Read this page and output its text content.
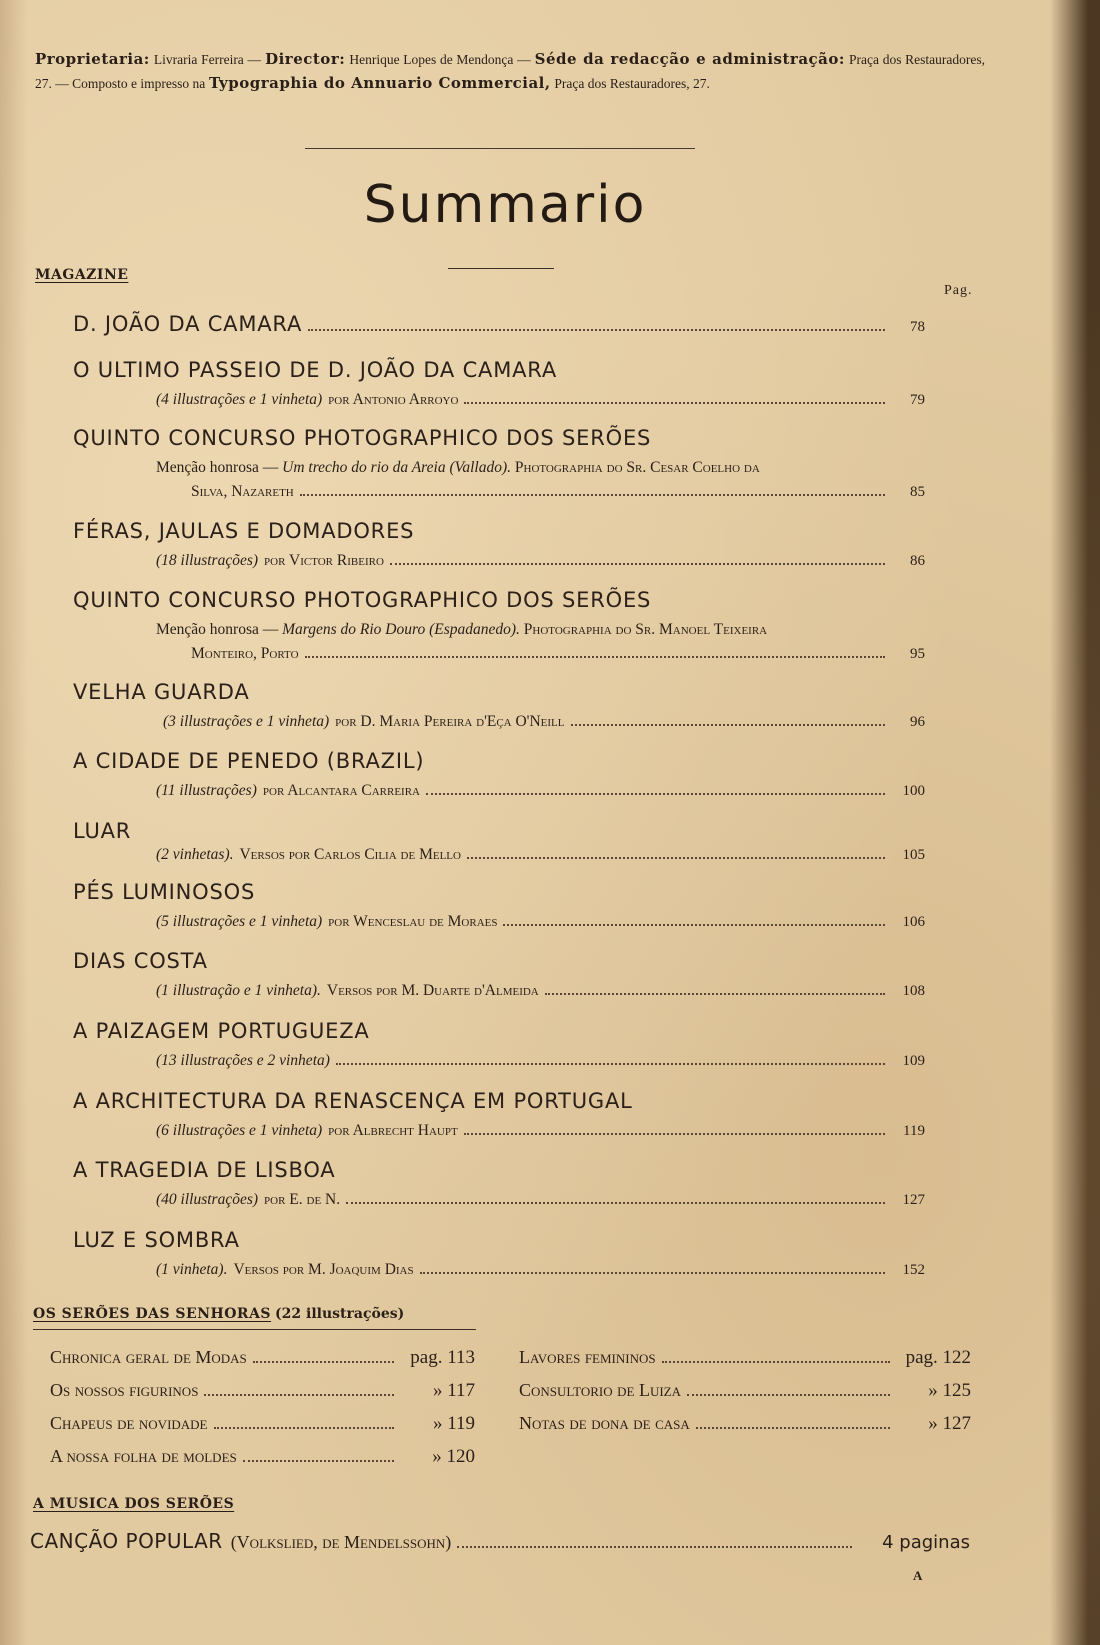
Proprietaria: Livraria Ferreira — Director: Henrique Lopes de Mendonça — Séde da redacção e administração: Praça dos Restauradores, 27. — Composto e impresso na Typographia do Annuario Commercial, Praça dos Restauradores, 27.
Summario
MAGAZINE
Pag.
D. JOÃO DA CAMARA	78
O ULTIMO PASSEIO DE D. JOÃO DA CAMARA
(4 illustrações e 1 vinheta) por Antonio Arroyo	79
QUINTO CONCURSO PHOTOGRAPHICO DOS SERÕES
Menção honrosa — Um trecho do rio da Areia (Vallado). Photographia do Sr. Cesar Coelho da
Silva, Nazareth	85
FÉRAS, JAULAS E DOMADORES
(18 illustrações) por Victor Ribeiro	86
QUINTO CONCURSO PHOTOGRAPHICO DOS SERÕES
Menção honrosa — Margens do Rio Douro (Espadanedo). Photographia do Sr. Manoel Teixeira
Monteiro, Porto	95
VELHA GUARDA
(3 illustrações e 1 vinheta) por D. Maria Pereira d'Eça O'Neill	96
A CIDADE DE PENEDO (BRAZIL)
(11 illustrações) por Alcantara Carreira	100
LUAR
(2 vinhetas). Versos por Carlos Cilia de Mello	105
PÉS LUMINOSOS
(5 illustrações e 1 vinheta) por Wenceslau de Moraes	106
DIAS COSTA
(1 illustração e 1 vinheta). Versos por M. Duarte d'Almeida	108
A PAIZAGEM PORTUGUEZA
(13 illustrações e 2 vinheta)	109
A ARCHITECTURA DA RENASCENÇA EM PORTUGAL
(6 illustrações e 1 vinheta) por Albrecht Haupt	119
A TRAGEDIA DE LISBOA
(40 illustrações) por E. de N.	127
LUZ E SOMBRA
(1 vinheta). Versos por M. Joaquim Dias	152
OS SERÕES DAS SENHORAS (22 illustrações)
Chronica geral de Modas	pag. 113
Os nossos figurinos	» 117
Chapeus de novidade	» 119
A nossa folha de moldes	» 120
Lavores femininos	pag. 122
Consultorio de Luiza	» 125
Notas de dona de casa	» 127
A MUSICA DOS SERÕES
CANÇÃO POPULAR (Volkslied, de Mendelssohn)	4 paginas
A
